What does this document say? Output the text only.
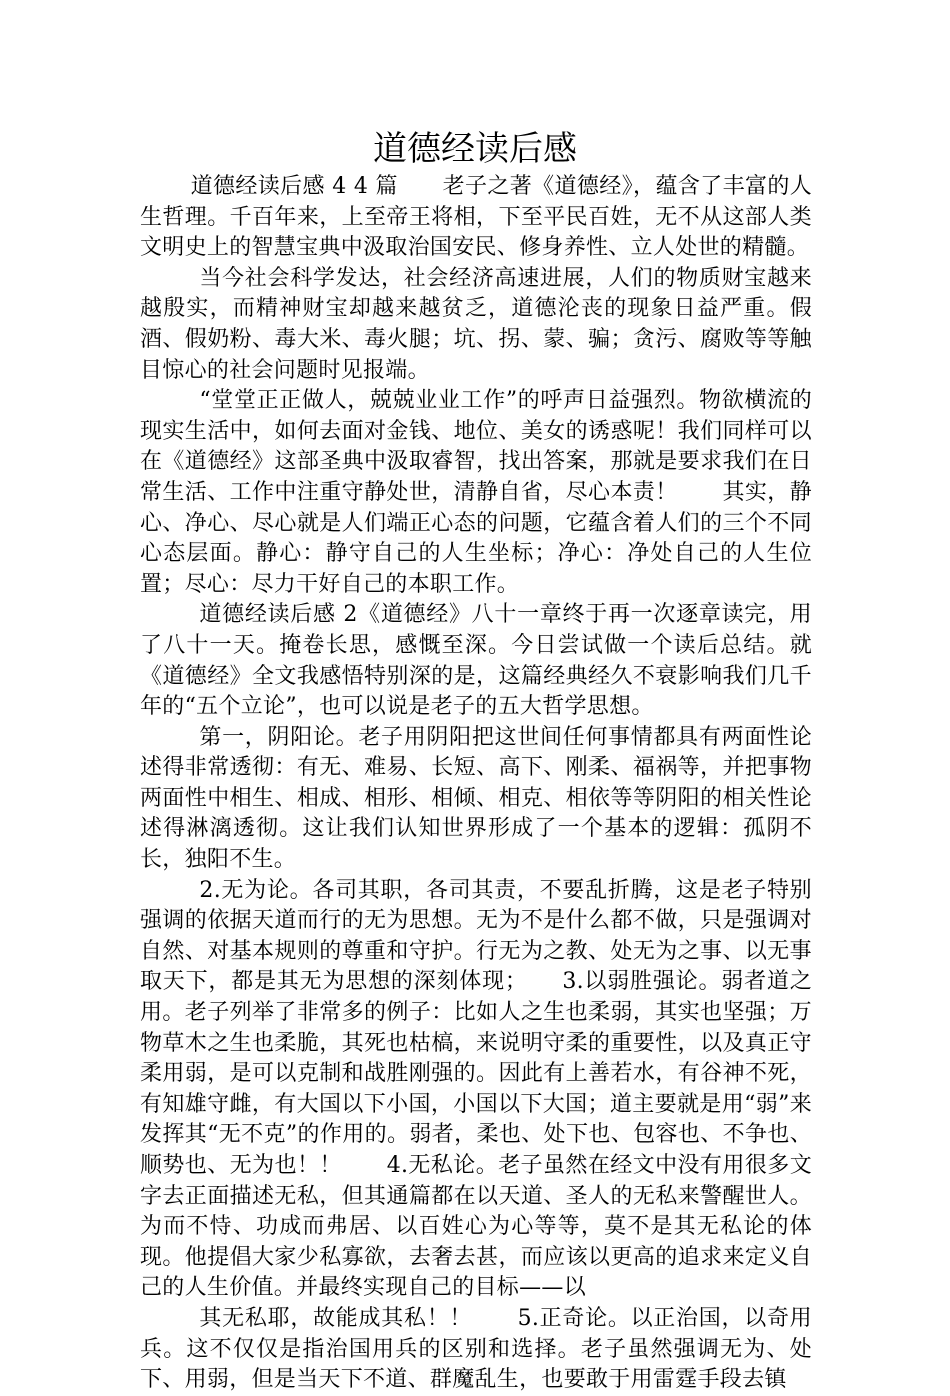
道德经读后感

道德经读后感 4 4 篇　　老子之著《道德经》，蕴含了丰富的人生哲理。千百年来，上至帝王将相，下至平民百姓，无不从这部人类文明史上的智慧宝典中汲取治国安民、修身养性、立人处世的精髓。

当今社会科学发达，社会经济高速进展，人们的物质财宝越来越殷实，而精神财宝却越来越贫乏，道德沦丧的现象日益严重。假酒、假奶粉、毒大米、毒火腿；坑、拐、蒙、骗；贪污、腐败等等触目惊心的社会问题时见报端。

“堂堂正正做人，兢兢业业工作”的呼声日益强烈。物欲横流的现实生活中，如何去面对金钱、地位、美女的诱惑呢！我们同样可以在《道德经》这部圣典中汲取睿智，找出答案，那就是要求我们在日常生活、工作中注重守静处世，清静自省，尽心本责！　　其实，静心、净心、尽心就是人们端正心态的问题，它蕴含着人们的三个不同心态层面。静心：静守自己的人生坐标；净心：净处自己的人生位置；尽心：尽力干好自己的本职工作。

道德经读后感 2《道德经》八十一章终于再一次逐章读完，用了八十一天。掩卷长思，感慨至深。今日尝试做一个读后总结。就《道德经》全文我感悟特别深的是，这篇经典经久不衰影响我们几千年的“五个立论”，也可以说是老子的五大哲学思想。

第一，阴阳论。老子用阴阳把这世间任何事情都具有两面性论述得非常透彻：有无、难易、长短、高下、刚柔、福祸等，并把事物两面性中相生、相成、相形、相倾、相克、相依等等阴阳的相关性论述得淋漓透彻。这让我们认知世界形成了一个基本的逻辑：孤阴不长，独阳不生。

2.无为论。各司其职，各司其责，不要乱折腾，这是老子特别强调的依据天道而行的无为思想。无为不是什么都不做，只是强调对自然、对基本规则的尊重和守护。行无为之教、处无为之事、以无事取天下，都是其无为思想的深刻体现；　　3.以弱胜强论。弱者道之用。老子列举了非常多的例子：比如人之生也柔弱，其实也坚强；万物草木之生也柔脆，其死也枯槁，来说明守柔的重要性，以及真正守柔用弱，是可以克制和战胜刚强的。因此有上善若水，有谷神不死，有知雄守雌，有大国以下小国，小国以下大国；道主要就是用“弱”来发挥其“无不克”的作用的。弱者，柔也、处下也、包容也、不争也、顺势也、无为也！！　　4.无私论。老子虽然在经文中没有用很多文字去正面描述无私，但其通篇都在以天道、圣人的无私来警醒世人。为而不恃、功成而弗居、以百姓心为心等等，莫不是其无私论的体现。他提倡大家少私寡欲，去奢去甚，而应该以更高的追求来定义自己的人生价值。并最终实现自己的目标——以

其无私耶，故能成其私！！　　5.正奇论。以正治国，以奇用兵。这不仅仅是指治国用兵的区别和选择。老子虽然强调无为、处下、用弱，但是当天下不道、群魔乱生，也要敢于用雷霆手段去镇
